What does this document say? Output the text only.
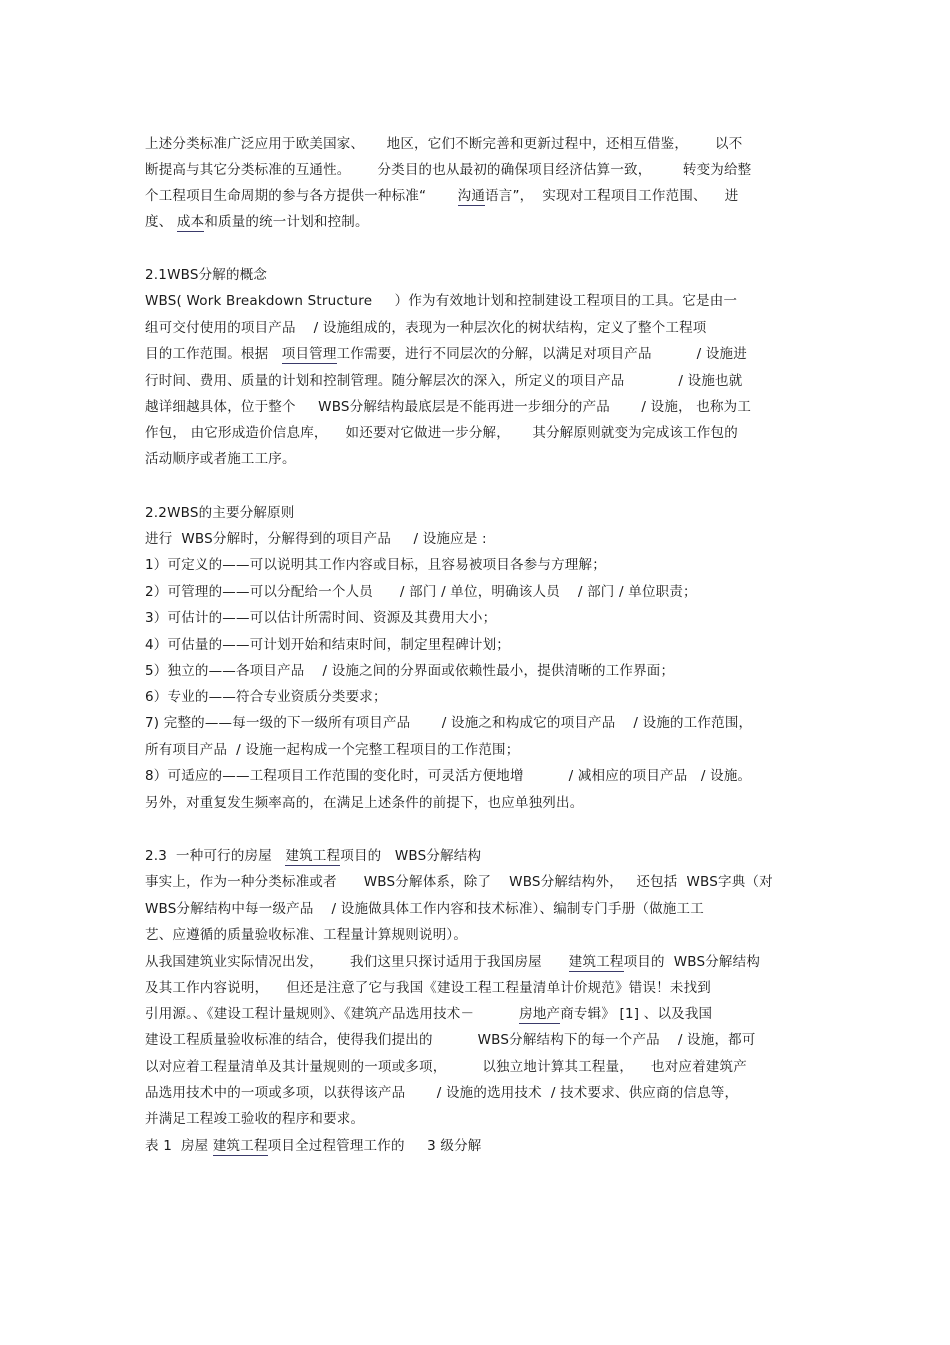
上述分类标准广泛应用于欧美国家、     地区，它们不断完善和更新过程中，还相互借鉴，      以不
断提高与其它分类标准的互通性。      分类目的也从最初的确保项目经济估算一致，       转变为给整
个工程项目生命周期的参与各方提供一种标准“       沟通语言”，  实现对工程项目工作范围、    进
度、 成本和质量的统一计划和控制。
2.1WBS分解的概念
WBS( Work Breakdown Structure     ）作为有效地计划和控制建设工程项目的工具。它是由一
组可交付使用的项目产品    / 设施组成的，表现为一种层次化的树状结构，定义了整个工程项
目的工作范围。根据   项目管理工作需要，进行不同层次的分解，以满足对项目产品          / 设施进
行时间、费用、质量的计划和控制管理。随分解层次的深入，所定义的项目产品            / 设施也就
越详细越具体，位于整个     WBS分解结构最底层是不能再进一步细分的产品       / 设施， 也称为工
作包， 由它形成造价信息库，    如还要对它做进一步分解，     其分解原则就变为完成该工作包的
活动顺序或者施工工序。
2.2WBS的主要分解原则
进行  WBS分解时，分解得到的项目产品     / 设施应是 :
1）可定义的——可以说明其工作内容或目标，且容易被项目各参与方理解；
2）可管理的——可以分配给一个人员      / 部门 / 单位，明确该人员    / 部门 / 单位职责；
3）可估计的——可以估计所需时间、资源及其费用大小；
4）可估量的——可计划开始和结束时间，制定里程碑计划；
5）独立的——各项目产品    / 设施之间的分界面或依赖性最小，提供清晰的工作界面；
6）专业的——符合专业资质分类要求；
7) 完整的——每一级的下一级所有项目产品       / 设施之和构成它的项目产品    / 设施的工作范围，
所有项目产品  / 设施一起构成一个完整工程项目的工作范围；
8）可适应的——工程项目工作范围的变化时，可灵活方便地增          / 减相应的项目产品   / 设施。
另外，对重复发生频率高的，在满足上述条件的前提下，也应单独列出。
2.3  一种可行的房屋   建筑工程项目的   WBS分解结构
事实上，作为一种分类标准或者      WBS分解体系，除了    WBS分解结构外，   还包括  WBS字典（对
WBS分解结构中每一级产品    / 设施做具体工作内容和技术标准）、编制专门手册（做施工工
艺、应遵循的质量验收标准、工程量计算规则说明）。
从我国建筑业实际情况出发，      我们这里只探讨适用于我国房屋      建筑工程项目的  WBS分解结构
及其工作内容说明，    但还是注意了它与我国《建设工程工程量清单计价规范》错误！未找到
引用源。、《建设工程计量规则》、《建筑产品选用技术－          房地产商专辑》 [1] 、以及我国
建设工程质量验收标准的结合，使得我们提出的          WBS分解结构下的每一个产品    / 设施，都可
以对应着工程量清单及其计量规则的一项或多项，        以独立地计算其工程量，    也对应着建筑产
品选用技术中的一项或多项，以获得该产品       / 设施的选用技术  / 技术要求、供应商的信息等，
并满足工程竣工验收的程序和要求。
表 1  房屋 建筑工程项目全过程管理工作的     3 级分解
